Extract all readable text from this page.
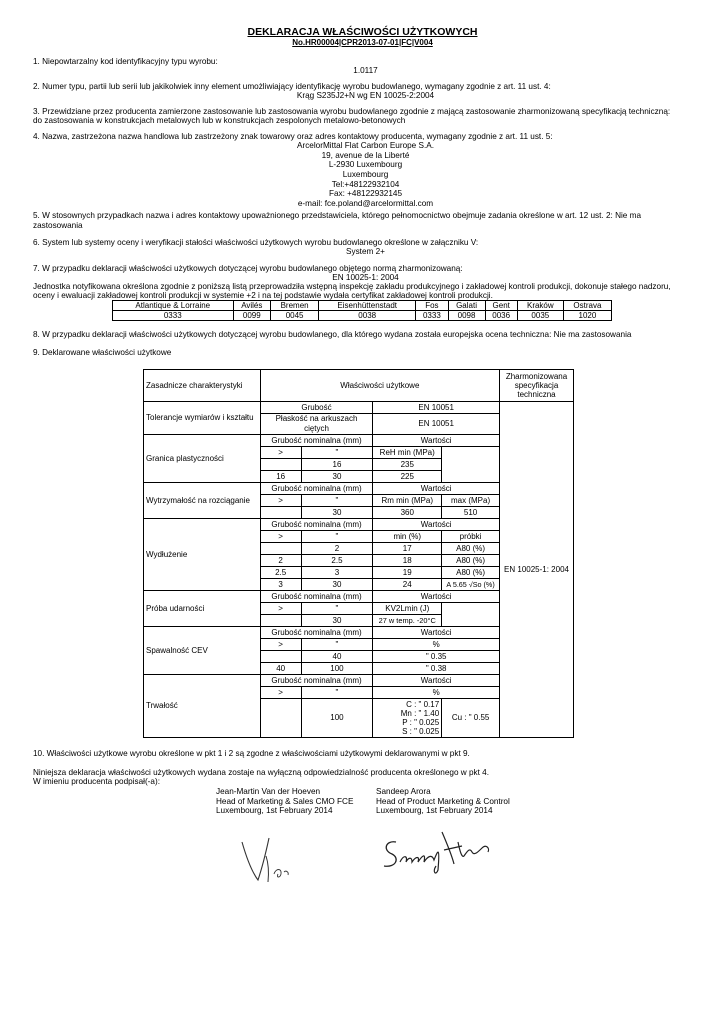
DEKLARACJA WŁAŚCIWOŚCI UŻYTKOWYCH
No.HR00004|CPR2013-07-01|FC|V004
1. Niepowtarzalny kod identyfikacyjny typu wyrobu:
1.0117
2. Numer typu, partii lub serii lub jakikolwiek inny element umożliwiający identyfikację wyrobu budowlanego, wymagany zgodnie z art. 11 ust. 4:
Krąg S235J2+N wg EN 10025-2:2004
3. Przewidziane przez producenta zamierzone zastosowanie lub zastosowania wyrobu budowlanego zgodnie z mającą zastosowanie zharmonizowaną specyfikacją techniczną:
do zastosowania w konstrukcjach metalowych lub w konstrukcjach zespolonych metalowo-betonowych
4. Nazwa, zastrzeżona nazwa handlowa lub zastrzeżony znak towarowy oraz adres kontaktowy producenta, wymagany zgodnie z art. 11 ust. 5:
ArcelorMittal Flat Carbon Europe S.A.
19, avenue de la Liberté
L-2930 Luxembourg
Luxembourg
Tel:+48122932104
Fax: +48122932145
e-mail: fce.poland@arcelormittal.com
5. W stosownych przypadkach nazwa i adres kontaktowy upoważnionego przedstawiciela, którego pełnomocnictwo obejmuje zadania określone w art. 12 ust. 2: Nie ma
zastosowania
6. System lub systemy oceny i weryfikacji stałości właściwości użytkowych wyrobu budowlanego określone w załączniku V:
System 2+
7. W przypadku deklaracji właściwości użytkowych dotyczącej wyrobu budowlanego objętego normą zharmonizowaną:
EN 10025-1: 2004
Jednostka notyfikowana określona zgodnie z poniższą listą przeprowadziła wstępną inspekcję zakładu produkcyjnego i zakładowej kontroli produkcji, dokonuje stałego nadzoru,
oceny i ewaluacji zakładowej kontroli produkcji w systemie +2 i na tej podstawie wydała certyfikat zakładowej kontroli produkcji.
Atlantique & Lorraine	Avilés	Bremen	Eisenhüttenstadt	Fos	Galati	Gent	Kraków	Ostrava
0333	0099	0045	0038	0333	0098	0036	0035	1020
8. W przypadku deklaracji właściwości użytkowych dotyczącej wyrobu budowlanego, dla którego wydana została europejska ocena techniczna: Nie ma zastosowania
9. Deklarowane właściwości użytkowe
Zasadnicze charakterystyki	Właściwości użytkowe				Zharmonizowana
specyfikacja
techniczna

Tolerancje wymiarów i kształtu	Grubość		EN 10051		EN 10025-1: 2004
	Płaskość na arkuszach ciętych		EN 10051		
Granica plastyczności	Grubość nominalna (mm)		Wartości		
	>	"	ReH min (MPa)		
		16	235		
	16	30	225		
Wytrzymałość na rozciąganie	Grubość nominalna (mm)		Wartości		
	>	"	Rm min (MPa)	max (MPa)	
		30	360	510	
Wydłużenie	Grubość nominalna (mm)		Wartości		
	>	"	min (%)	próbki	
		2	17	A80 (%)	
	2	2.5	18	A80 (%)	
	2.5	3	19	A80 (%)	
	3	30	24	A 5.65 √So (%)	
Próba udarności	Grubość nominalna (mm)		Wartości		
	>	"	KV2Lmin (J)		
		30	27 w temp. -20°C		
Spawalność CEV	Grubość nominalna (mm)		Wartości		
	>	"	%		
		40	" 0.35		
	40	100	" 0.38		
Trwałość	Grubość nominalna (mm)		Wartości		
	>	"	%		
		100	C : " 0.17
Mn : " 1.40
P : " 0.025
S : " 0.025	Cu : " 0.55	
10. Właściwości użytkowe wyrobu określone w pkt 1 i 2 są zgodne z właściwościami użytkowymi deklarowanymi w pkt 9.
Niniejsza deklaracja właściwości użytkowych wydana zostaje na wyłączną odpowiedzialność producenta określonego w pkt 4.
W imieniu producenta podpisał(-a):
Jean-Martin Van der Hoeven
Head of Marketing & Sales CMO FCE
Luxembourg, 1st February 2014
Sandeep Arora
Head of Product Marketing & Control
Luxembourg, 1st February 2014
